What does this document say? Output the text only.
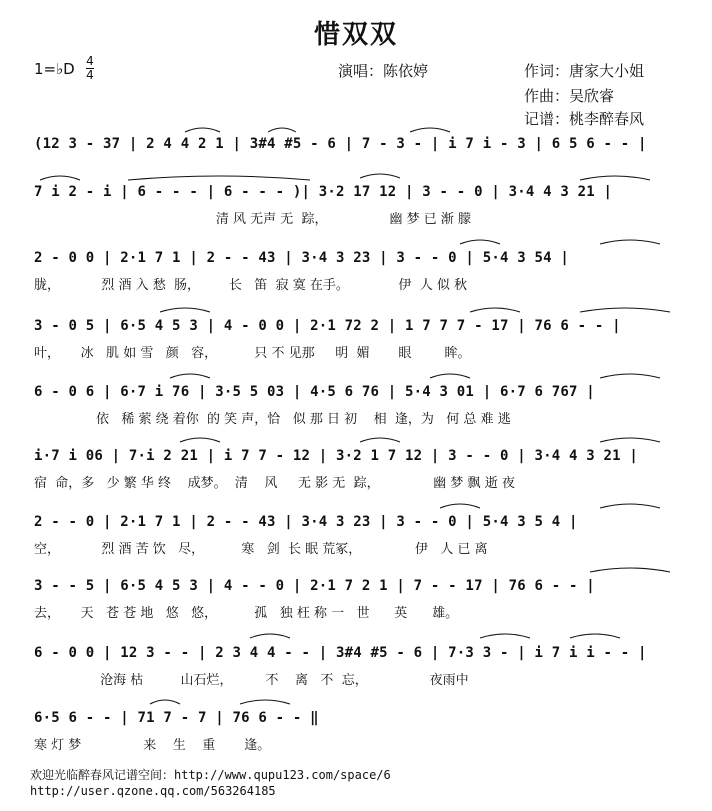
惜双双
1=♭D 4
4	演唱：陈依婷	作词：唐家大小姐
作曲：吴欣睿
记谱：桃李醉春风
(12 3 - 37 | 2 4 4 2 1 | 3#4 #5 - 6 | 7 - 3 - | i 7 i - 3 | 6 5 6 - - |
7 i 2 - i | 6 - - - | 6 - - - )| 3·2 17 12 | 3 - - 0 | 3·4 4 3 21 |
清 风 无声 无  踪，               幽 梦 已 渐 朦
2 - 0 0 | 2·1 7 1 | 2 - - 43 | 3·4 3 23 | 3 - - 0 | 5·4 3 54 |
胧，          烈 酒 入 愁  肠，       长   笛  寂 寞 在手。            伊  人 似 秋
3 - 0 5 | 6·5 4 5 3 | 4 - 0 0 | 2·1 72 2 | 1 7 7 7 - 17 | 76 6 - - |
叶，     冰   肌 如 雪   颜   容，         只 不 见那     明  媚       眼        眸。
6 - 0 6 | 6·7 i 76 | 3·5 5 03 | 4·5 6 76 | 5·4 3 01 | 6·7 6 767 |
依   稀 萦 绕 着你  的 笑 声，恰   似 那 日 初    相  逢，为   何 总 难 逃
i·7 i 06 | 7·i 2 21 | i 7 7 - 12 | 3·2 1 7 12 | 3 - - 0 | 3·4 4 3 21 |
宿  命，多   少 繁 华 终    成梦。  清    风     无 影 无  踪，             幽 梦 飘 逝 夜
2 - - 0 | 2·1 7 1 | 2 - - 43 | 3·4 3 23 | 3 - - 0 | 5·4 3 5 4 |
空，          烈 酒 苦 饮   尽，         寒   剑  长 眠 荒冢，             伊   人 已 离
3 - - 5 | 6·5 4 5 3 | 4 - - 0 | 2·1 7 2 1 | 7 - - 17 | 76 6 - - |
去，     天   苍 苍 地   悠   悠，         孤   独 枉 称 一   世      英      雄。
6 - 0 0 | 12 3 - - | 2 3 4 4 - - | 3#4 #5 - 6 | 7·3 3 - | i 7 i i - - |
沧海 枯         山石烂，        不    离   不  忘，               夜雨中
6·5 6 - - | 71 7 - 7 | 76 6 - - ‖
寒 灯 梦               来    生    重       逢。
欢迎光临醉春风记谱空间：http://www.qupu123.com/space/6
http://user.qzone.qq.com/563264185
